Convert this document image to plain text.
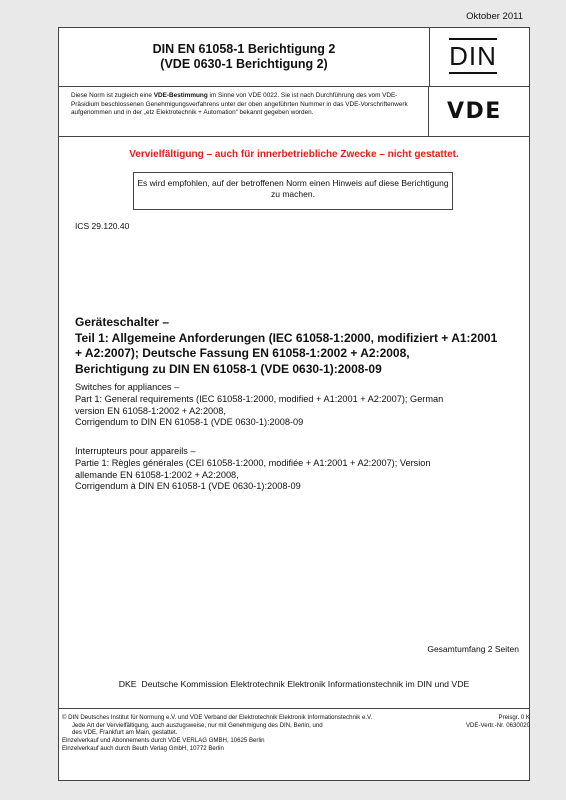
Oktober 2011
DIN EN 61058-1 Berichtigung 2
(VDE 0630-1 Berichtigung 2)	DIN
Diese Norm ist zugleich eine VDE-Bestimmung im Sinne von VDE 0022. Sie ist nach Durchführung des vom VDE-Präsidium beschlossenen Genehmigungsverfahrens unter der oben angeführten Nummer in das VDE-Vorschriftenwerk aufgenommen und in der „etz Elektrotechnik + Automation“ bekannt gegeben worden.	VDE
Vervielfältigung – auch für innerbetriebliche Zwecke – nicht gestattet.
Es wird empfohlen, auf der betroffenen Norm einen Hinweis auf diese Berichtigung zu machen.
ICS 29.120.40
Geräteschalter –
Teil 1: Allgemeine Anforderungen (IEC 61058-1:2000, modifiziert + A1:2001
+ A2:2007); Deutsche Fassung EN 61058-1:2002 + A2:2008,
Berichtigung zu DIN EN 61058-1 (VDE 0630-1):2008-09
Switches for appliances –
Part 1: General requirements (IEC 61058-1:2000, modified + A1:2001 + A2:2007); German
version EN 61058-1:2002 + A2:2008,
Corrigendum to DIN EN 61058-1 (VDE 0630-1):2008-09
Interrupteurs pour appareils –
Partie 1: Règles générales (CEI 61058-1:2000, modifiée + A1:2001 + A2:2007); Version
allemande EN 61058-1:2002 + A2:2008,
Corrigendum à DIN EN 61058-1 (VDE 0630-1):2008-09
Gesamtumfang 2 Seiten
DKE Deutsche Kommission Elektrotechnik Elektronik Informationstechnik im DIN und VDE
© DIN Deutsches Institut für Normung e.V. und VDE Verband der Elektrotechnik Elektronik Informationstechnik e.V.
Jede Art der Vervielfältigung, auch auszugsweise, nur mit Genehmigung des DIN, Berlin, und
des VDE, Frankfurt am Main, gestattet.
Einzelverkauf und Abonnements durch VDE VERLAG GMBH, 10625 Berlin
Einzelverkauf auch durch Beuth Verlag GmbH, 10772 Berlin
Preisgr. 0 K
VDE-Vertr.-Nr. 0630020
